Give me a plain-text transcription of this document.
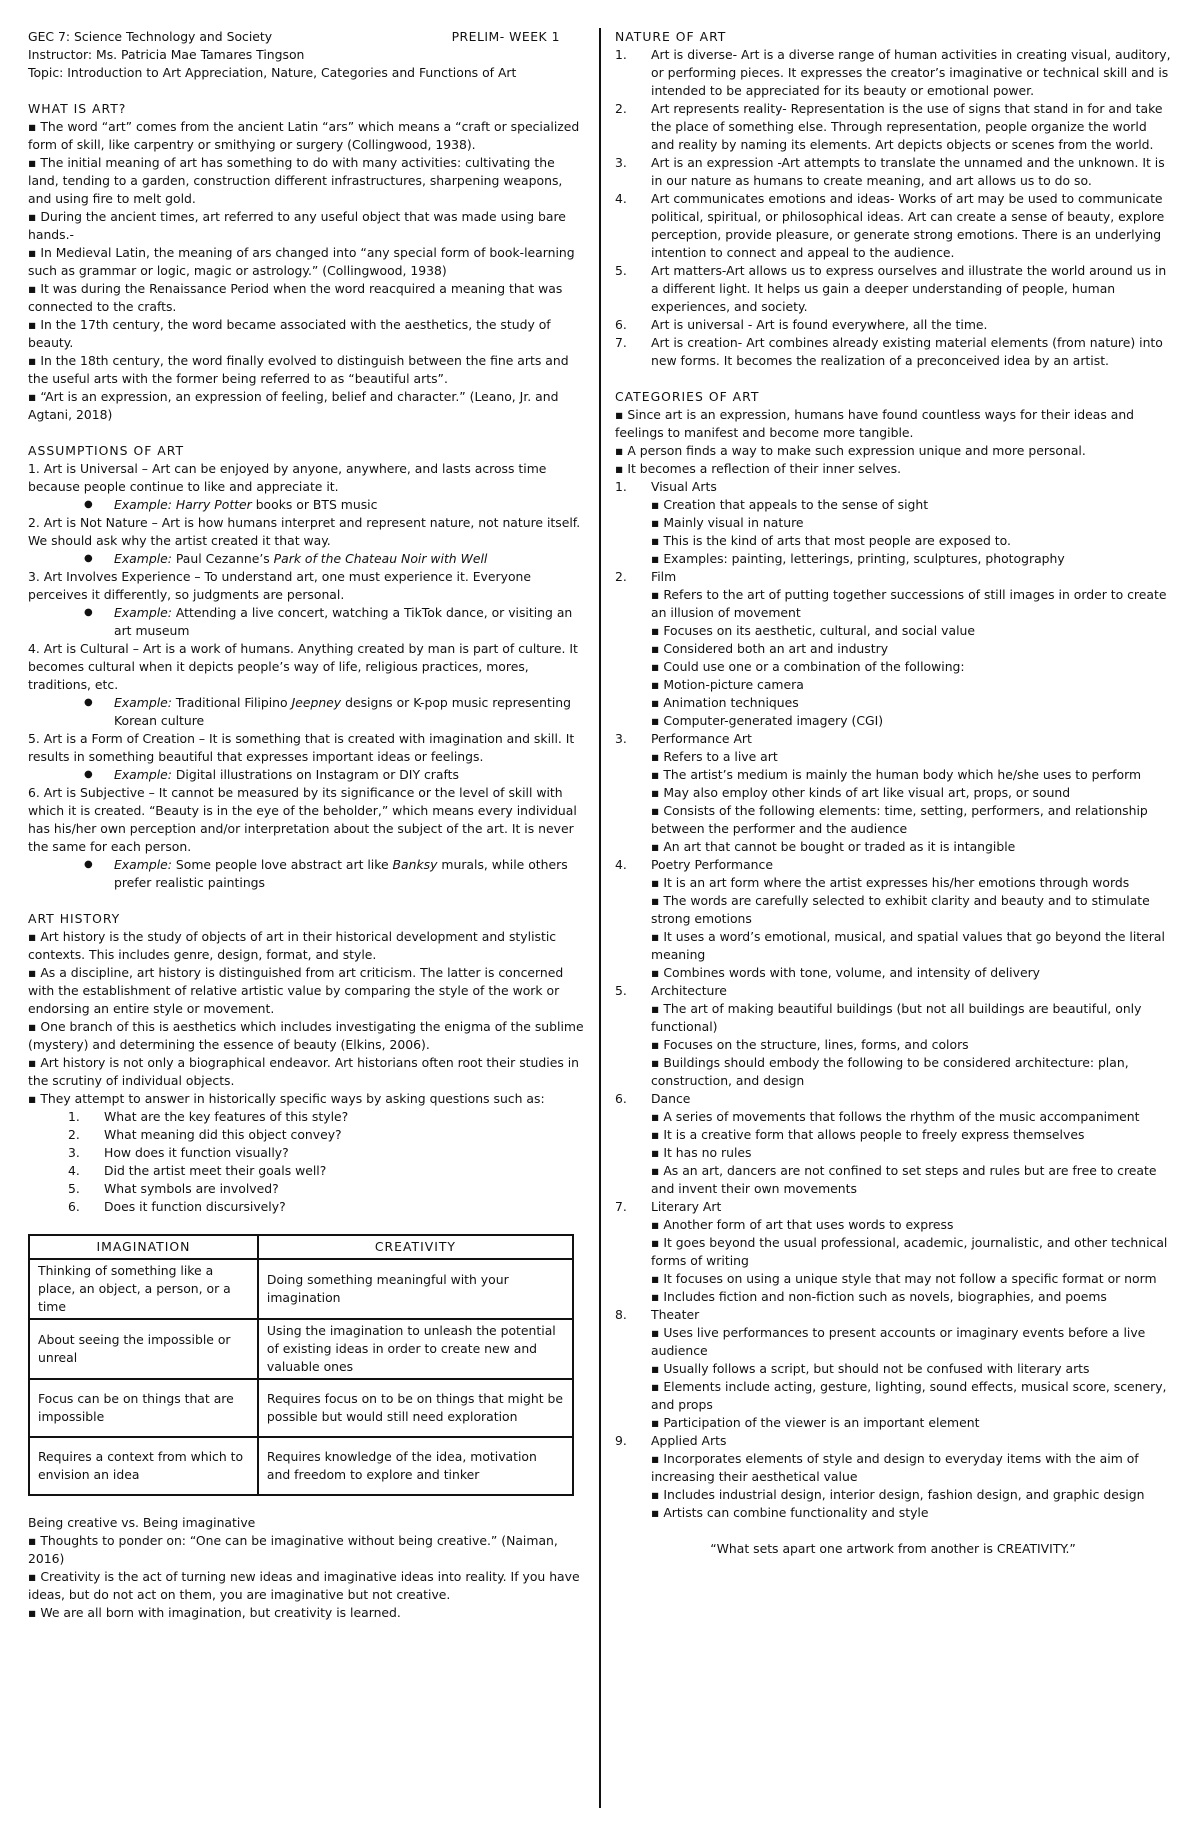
GEC 7: Science Technology and Society	PRELIM- WEEK 1

Instructor: Ms. Patricia Mae Tamares Tingson

Topic: Introduction to Art Appreciation, Nature, Categories and Functions of Art

WHAT IS ART?

▪ The word “art” comes from the ancient Latin “ars” which means a “craft or specialized form of skill, like carpentry or smithying or surgery (Collingwood, 1938).

▪ The initial meaning of art has something to do with many activities: cultivating the land, tending to a garden, construction different infrastructures, sharpening weapons, and using fire to melt gold.

▪ During the ancient times, art referred to any useful object that was made using bare hands.-

▪ In Medieval Latin, the meaning of ars changed into “any special form of book-learning such as grammar or logic, magic or astrology.” (Collingwood, 1938)

▪ It was during the Renaissance Period when the word reacquired a meaning that was connected to the crafts.

▪ In the 17th century, the word became associated with the aesthetics, the study of beauty.

▪ In the 18th century, the word finally evolved to distinguish between the fine arts and the useful arts with the former being referred to as “beautiful arts”.

▪ “Art is an expression, an expression of feeling, belief and character.” (Leano, Jr. and Agtani, 2018)

ASSUMPTIONS OF ART

1. Art is Universal – Art can be enjoyed by anyone, anywhere, and lasts across time because people continue to like and appreciate it.

● Example: Harry Potter books or BTS music

2. Art is Not Nature – Art is how humans interpret and represent nature, not nature itself. We should ask why the artist created it that way.

● Example: Paul Cezanne’s Park of the Chateau Noir with Well

3. Art Involves Experience – To understand art, one must experience it. Everyone perceives it differently, so judgments are personal.

● Example: Attending a live concert, watching a TikTok dance, or visiting an art museum

4. Art is Cultural – Art is a work of humans. Anything created by man is part of culture. It becomes cultural when it depicts people’s way of life, religious practices, mores, traditions, etc.

● Example: Traditional Filipino Jeepney designs or K-pop music representing Korean culture

5. Art is a Form of Creation – It is something that is created with imagination and skill. It results in something beautiful that expresses important ideas or feelings.

● Example: Digital illustrations on Instagram or DIY crafts

6. Art is Subjective – It cannot be measured by its significance or the level of skill with which it is created. “Beauty is in the eye of the beholder,” which means every individual has his/her own perception and/or interpretation about the subject of the art. It is never the same for each person.

● Example: Some people love abstract art like Banksy murals, while others prefer realistic paintings

ART HISTORY

▪ Art history is the study of objects of art in their historical development and stylistic contexts. This includes genre, design, format, and style.

▪ As a discipline, art history is distinguished from art criticism. The latter is concerned with the establishment of relative artistic value by comparing the style of the work or endorsing an entire style or movement.

▪ One branch of this is aesthetics which includes investigating the enigma of the sublime (mystery) and determining the essence of beauty (Elkins, 2006).

▪ Art history is not only a biographical endeavor. Art historians often root their studies in the scrutiny of individual objects.

▪ They attempt to answer in historically specific ways by asking questions such as:

1. What are the key features of this style?

2. What meaning did this object convey?

3. How does it function visually?

4. Did the artist meet their goals well?

5. What symbols are involved?

6. Does it function discursively?

IMAGINATION	CREATIVITY
Thinking of something like a place, an object, a person, or a time	Doing something meaningful with your imagination
About seeing the impossible or unreal	Using the imagination to unleash the potential of existing ideas in order to create new and valuable ones
Focus can be on things that are impossible	Requires focus on to be on things that might be possible but would still need exploration
Requires a context from which to envision an idea	Requires knowledge of the idea, motivation and freedom to explore and tinker

Being creative vs. Being imaginative

▪ Thoughts to ponder on: “One can be imaginative without being creative.” (Naiman, 2016)

▪ Creativity is the act of turning new ideas and imaginative ideas into reality. If you have ideas, but do not act on them, you are imaginative but not creative.

▪ We are all born with imagination, but creativity is learned.

NATURE OF ART

1. Art is diverse- Art is a diverse range of human activities in creating visual, auditory, or performing pieces. It expresses the creator’s imaginative or technical skill and is intended to be appreciated for its beauty or emotional power.

2. Art represents reality- Representation is the use of signs that stand in for and take the place of something else. Through representation, people organize the world and reality by naming its elements. Art depicts objects or scenes from the world.

3. Art is an expression -Art attempts to translate the unnamed and the unknown. It is in our nature as humans to create meaning, and art allows us to do so.

4. Art communicates emotions and ideas- Works of art may be used to communicate political, spiritual, or philosophical ideas. Art can create a sense of beauty, explore perception, provide pleasure, or generate strong emotions. There is an underlying intention to connect and appeal to the audience.

5. Art matters-Art allows us to express ourselves and illustrate the world around us in a different light. It helps us gain a deeper understanding of people, human experiences, and society.

6. Art is universal - Art is found everywhere, all the time.

7. Art is creation- Art combines already existing material elements (from nature) into new forms. It becomes the realization of a preconceived idea by an artist.

CATEGORIES OF ART

▪ Since art is an expression, humans have found countless ways for their ideas and feelings to manifest and become more tangible.

▪ A person finds a way to make such expression unique and more personal.

▪ It becomes a reflection of their inner selves.

1. Visual Arts
▪ Creation that appeals to the sense of sight
▪ Mainly visual in nature
▪ This is the kind of arts that most people are exposed to.
▪ Examples: painting, letterings, printing, sculptures, photography
2. Film
▪ Refers to the art of putting together successions of still images in order to create an illusion of movement
▪ Focuses on its aesthetic, cultural, and social value
▪ Considered both an art and industry
▪ Could use one or a combination of the following:
▪ Motion-picture camera
▪ Animation techniques
▪ Computer-generated imagery (CGI)
3. Performance Art
▪ Refers to a live art
▪ The artist’s medium is mainly the human body which he/she uses to perform
▪ May also employ other kinds of art like visual art, props, or sound
▪ Consists of the following elements: time, setting, performers, and relationship between the performer and the audience
▪ An art that cannot be bought or traded as it is intangible
4. Poetry Performance
▪ It is an art form where the artist expresses his/her emotions through words
▪ The words are carefully selected to exhibit clarity and beauty and to stimulate strong emotions
▪ It uses a word’s emotional, musical, and spatial values that go beyond the literal meaning
▪ Combines words with tone, volume, and intensity of delivery
5. Architecture
▪ The art of making beautiful buildings (but not all buildings are beautiful, only functional)
▪ Focuses on the structure, lines, forms, and colors
▪ Buildings should embody the following to be considered architecture: plan, construction, and design
6. Dance
▪ A series of movements that follows the rhythm of the music accompaniment
▪ It is a creative form that allows people to freely express themselves
▪ It has no rules
▪ As an art, dancers are not confined to set steps and rules but are free to create and invent their own movements
7. Literary Art
▪ Another form of art that uses words to express
▪ It goes beyond the usual professional, academic, journalistic, and other technical forms of writing
▪ It focuses on using a unique style that may not follow a specific format or norm
▪ Includes fiction and non-fiction such as novels, biographies, and poems
8. Theater
▪ Uses live performances to present accounts or imaginary events before a live audience
▪ Usually follows a script, but should not be confused with literary arts
▪ Elements include acting, gesture, lighting, sound effects, musical score, scenery, and props
▪ Participation of the viewer is an important element
9. Applied Arts
▪ Incorporates elements of style and design to everyday items with the aim of increasing their aesthetical value
▪ Includes industrial design, interior design, fashion design, and graphic design
▪ Artists can combine functionality and style

“What sets apart one artwork from another is CREATIVITY.”
